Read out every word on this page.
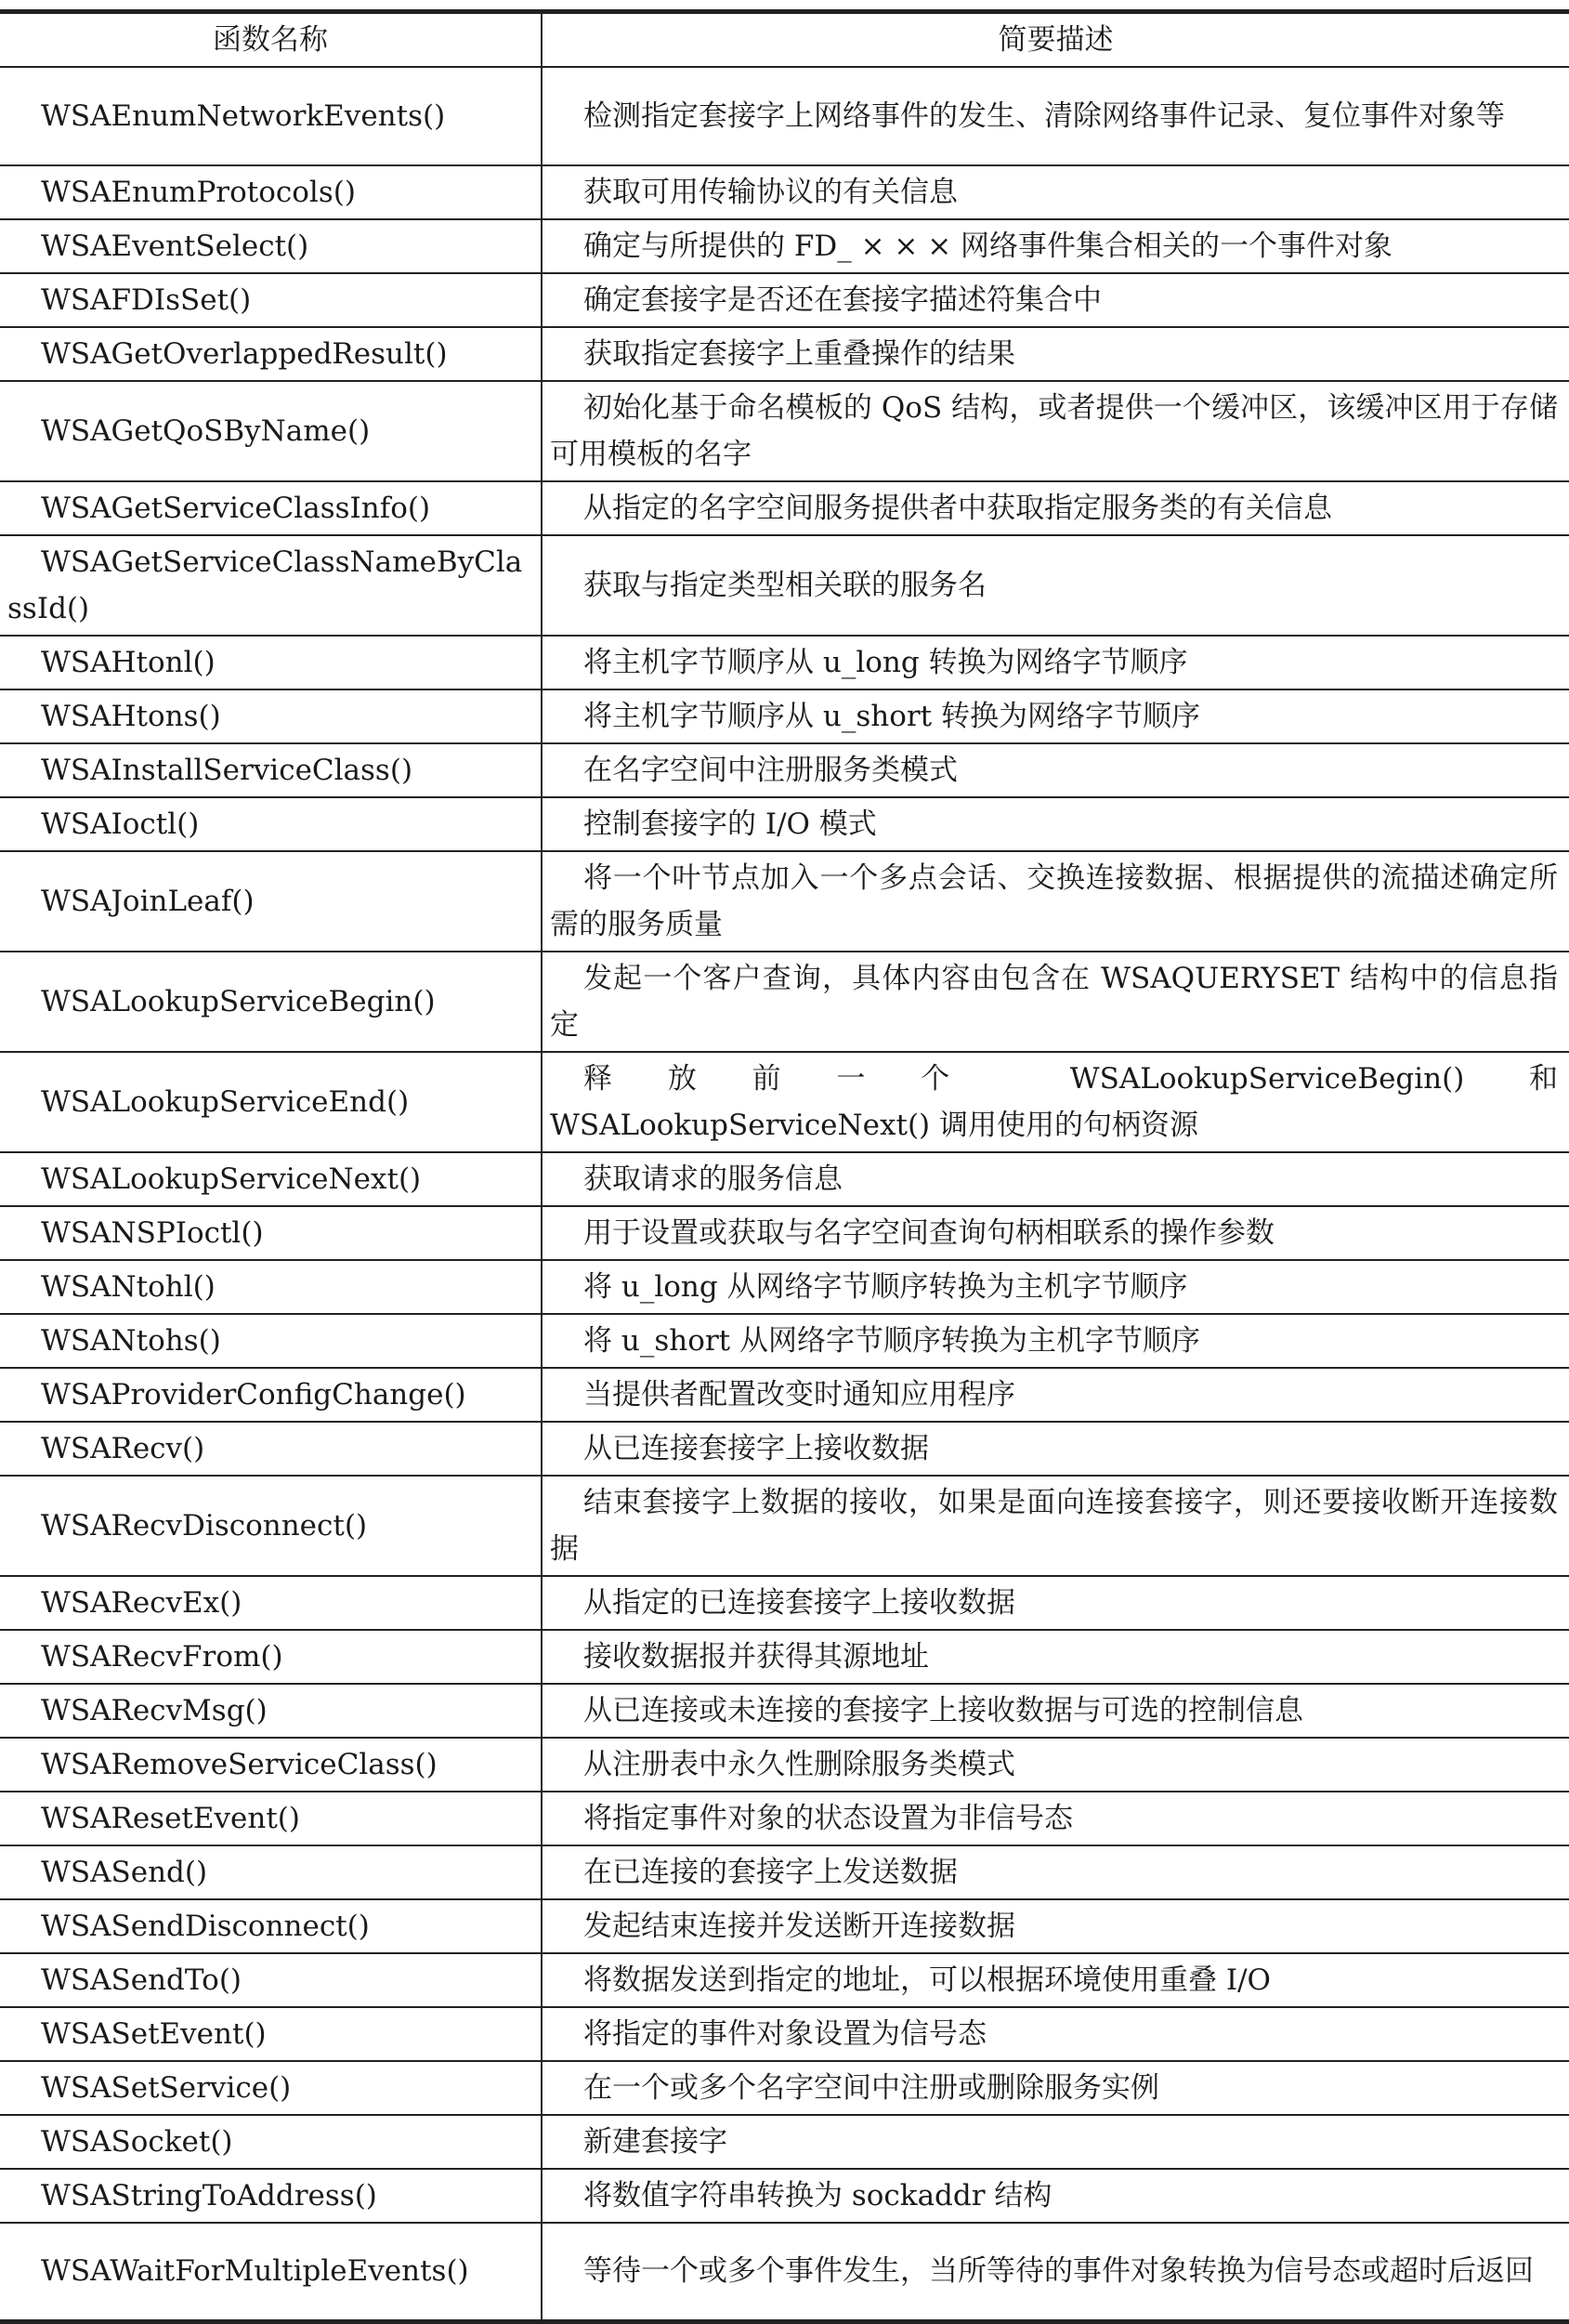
函数名称	简要描述
WSAEnumNetworkEvents()	检测指定套接字上网络事件的发生、清除网络事件记录、复位事件对象等
WSAEnumProtocols()	获取可用传输协议的有关信息
WSAEventSelect()	确定与所提供的 FD_ × × × 网络事件集合相关的一个事件对象
WSAFDIsSet()	确定套接字是否还在套接字描述符集合中
WSAGetOverlappedResult()	获取指定套接字上重叠操作的结果
WSAGetQoSByName()	初始化基于命名模板的 QoS 结构，或者提供一个缓冲区，该缓冲区用于存储可用模板的名字
WSAGetServiceClassInfo()	从指定的名字空间服务提供者中获取指定服务类的有关信息
WSAGetServiceClassNameByClassId()	获取与指定类型相关联的服务名
WSAHtonl()	将主机字节顺序从 u_long 转换为网络字节顺序
WSAHtons()	将主机字节顺序从 u_short 转换为网络字节顺序
WSAInstallServiceClass()	在名字空间中注册服务类模式
WSAIoctl()	控制套接字的 I/O 模式
WSAJoinLeaf()	将一个叶节点加入一个多点会话、交换连接数据、根据提供的流描述确定所需的服务质量
WSALookupServiceBegin()	发起一个客户查询，具体内容由包含在 WSAQUERYSET 结构中的信息指定
WSALookupServiceEnd()	释放前一个 WSALookupServiceBegin() 和 WSALookupServiceNext() 调用使用的句柄资源
WSALookupServiceNext()	获取请求的服务信息
WSANSPIoctl()	用于设置或获取与名字空间查询句柄相联系的操作参数
WSANtohl()	将 u_long 从网络字节顺序转换为主机字节顺序
WSANtohs()	将 u_short 从网络字节顺序转换为主机字节顺序
WSAProviderConfigChange()	当提供者配置改变时通知应用程序
WSARecv()	从已连接套接字上接收数据
WSARecvDisconnect()	结束套接字上数据的接收，如果是面向连接套接字，则还要接收断开连接数据
WSARecvEx()	从指定的已连接套接字上接收数据
WSARecvFrom()	接收数据报并获得其源地址
WSARecvMsg()	从已连接或未连接的套接字上接收数据与可选的控制信息
WSARemoveServiceClass()	从注册表中永久性删除服务类模式
WSAResetEvent()	将指定事件对象的状态设置为非信号态
WSASend()	在已连接的套接字上发送数据
WSASendDisconnect()	发起结束连接并发送断开连接数据
WSASendTo()	将数据发送到指定的地址，可以根据环境使用重叠 I/O
WSASetEvent()	将指定的事件对象设置为信号态
WSASetService()	在一个或多个名字空间中注册或删除服务实例
WSASocket()	新建套接字
WSAStringToAddress()	将数值字符串转换为 sockaddr 结构
WSAWaitForMultipleEvents()	等待一个或多个事件发生，当所等待的事件对象转换为信号态或超时后返回
